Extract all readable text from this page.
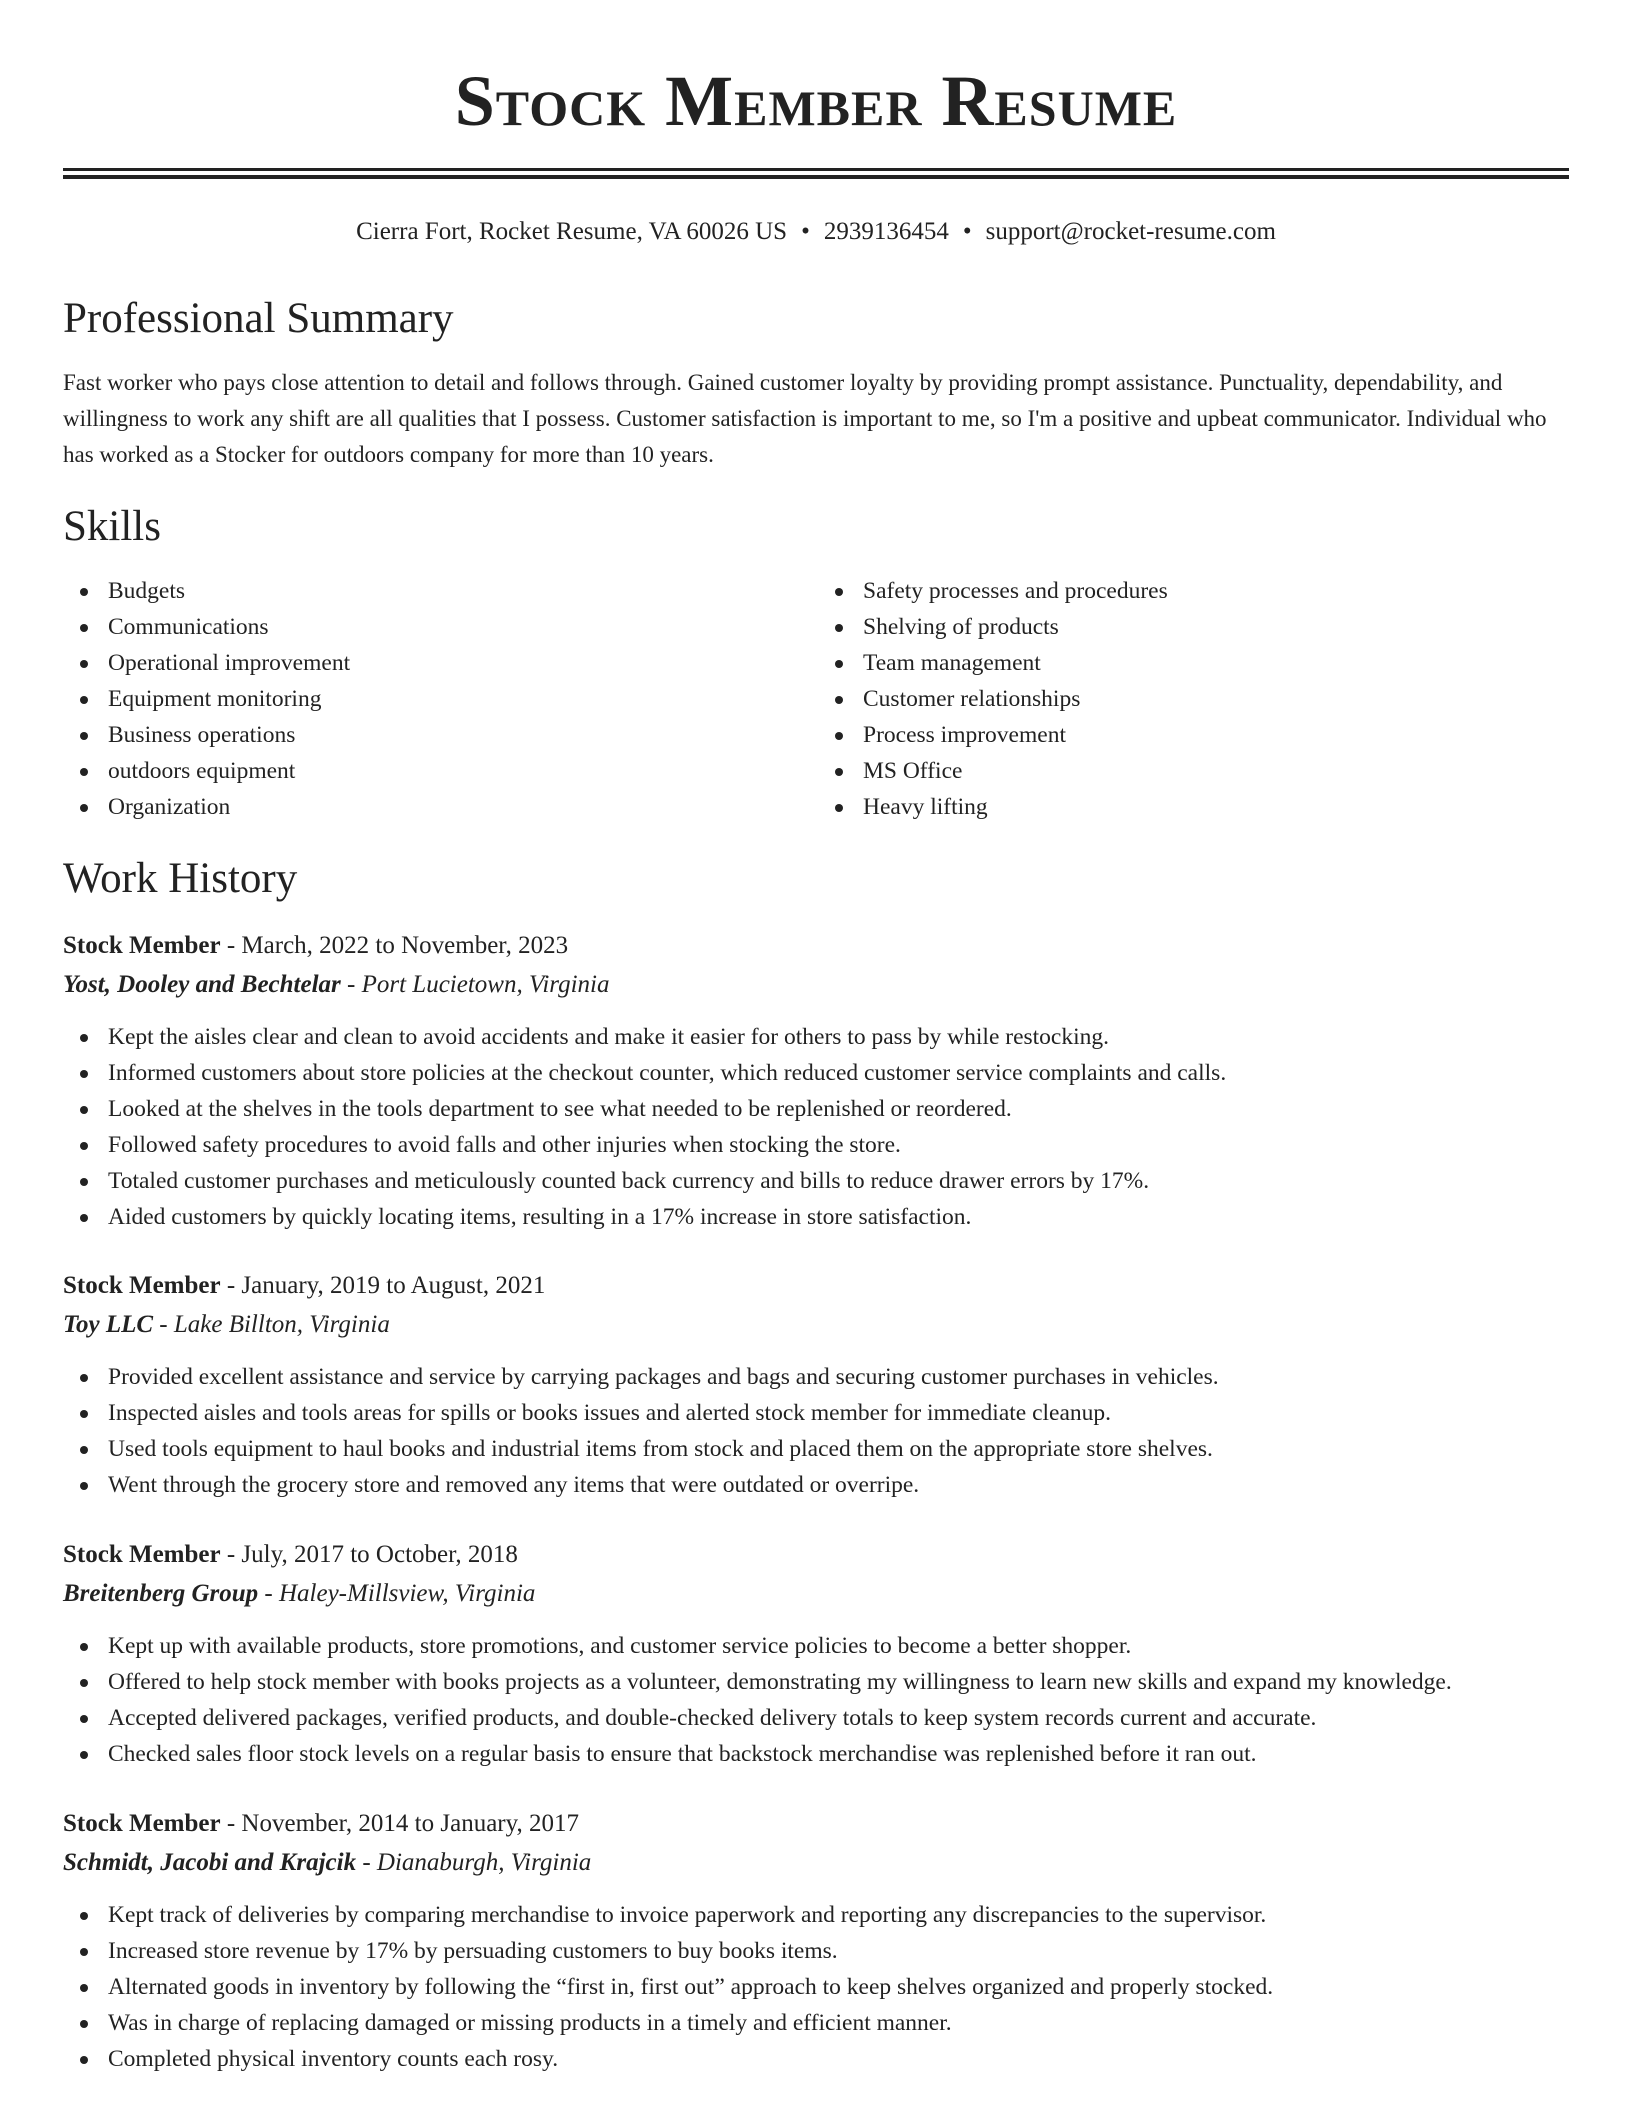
Stock Member Resume
Cierra Fort, Rocket Resume, VA 60026 US • 2939136454 • support@rocket-resume.com
Professional Summary

Fast worker who pays close attention to detail and follows through. Gained customer loyalty by providing prompt assistance. Punctuality, dependability, and willingness to work any shift are all qualities that I possess. Customer satisfaction is important to me, so I'm a positive and upbeat communicator. Individual who has worked as a Stocker for outdoors company for more than 10 years.

Skills
Budgets
Communications
Operational improvement
Equipment monitoring
Business operations
outdoors equipment
Organization
Safety processes and procedures
Shelving of products
Team management
Customer relationships
Process improvement
MS Office
Heavy lifting
Work History
Stock Member - March, 2022 to November, 2023
Yost, Dooley and Bechtelar - Port Lucietown, Virginia
Kept the aisles clear and clean to avoid accidents and make it easier for others to pass by while restocking.
Informed customers about store policies at the checkout counter, which reduced customer service complaints and calls.
Looked at the shelves in the tools department to see what needed to be replenished or reordered.
Followed safety procedures to avoid falls and other injuries when stocking the store.
Totaled customer purchases and meticulously counted back currency and bills to reduce drawer errors by 17%.
Aided customers by quickly locating items, resulting in a 17% increase in store satisfaction.
Stock Member - January, 2019 to August, 2021
Toy LLC - Lake Billton, Virginia
Provided excellent assistance and service by carrying packages and bags and securing customer purchases in vehicles.
Inspected aisles and tools areas for spills or books issues and alerted stock member for immediate cleanup.
Used tools equipment to haul books and industrial items from stock and placed them on the appropriate store shelves.
Went through the grocery store and removed any items that were outdated or overripe.
Stock Member - July, 2017 to October, 2018
Breitenberg Group - Haley-Millsview, Virginia
Kept up with available products, store promotions, and customer service policies to become a better shopper.
Offered to help stock member with books projects as a volunteer, demonstrating my willingness to learn new skills and expand my knowledge.
Accepted delivered packages, verified products, and double-checked delivery totals to keep system records current and accurate.
Checked sales floor stock levels on a regular basis to ensure that backstock merchandise was replenished before it ran out.
Stock Member - November, 2014 to January, 2017
Schmidt, Jacobi and Krajcik - Dianaburgh, Virginia
Kept track of deliveries by comparing merchandise to invoice paperwork and reporting any discrepancies to the supervisor.
Increased store revenue by 17% by persuading customers to buy books items.
Alternated goods in inventory by following the “first in, first out” approach to keep shelves organized and properly stocked.
Was in charge of replacing damaged or missing products in a timely and efficient manner.
Completed physical inventory counts each rosy.
